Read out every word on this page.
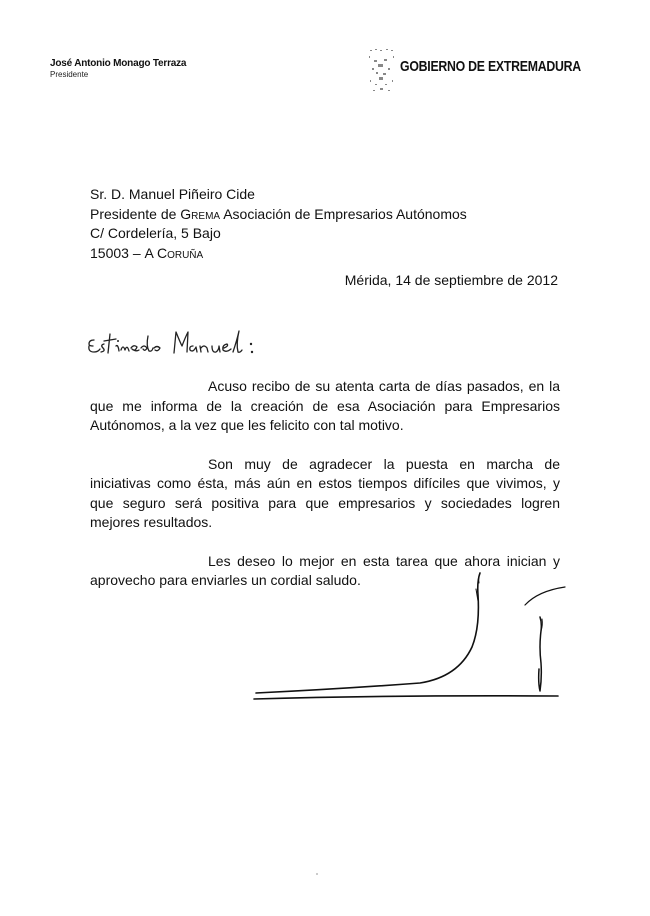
José Antonio Monago Terraza
Presidente	GOBIERNO DE EXTREMADURA
Sr. D. Manuel Piñeiro Cide
Presidente de Grema Asociación de Empresarios Autónomos
C/ Cordelería, 5 Bajo
15003 – A Coruña
Mérida, 14 de septiembre de 2012

Acuso recibo de su atenta carta de días pasados, en la que me informa de la creación de esa Asociación para Empresarios Autónomos, a la vez que les felicito con tal motivo.

Son muy de agradecer la puesta en marcha de iniciativas como ésta, más aún en estos tiempos difíciles que vivimos, y que seguro será positiva para que empresarios y sociedades logren mejores resultados.

Les deseo lo mejor en esta tarea que ahora inician y aprovecho para enviarles un cordial saludo.
